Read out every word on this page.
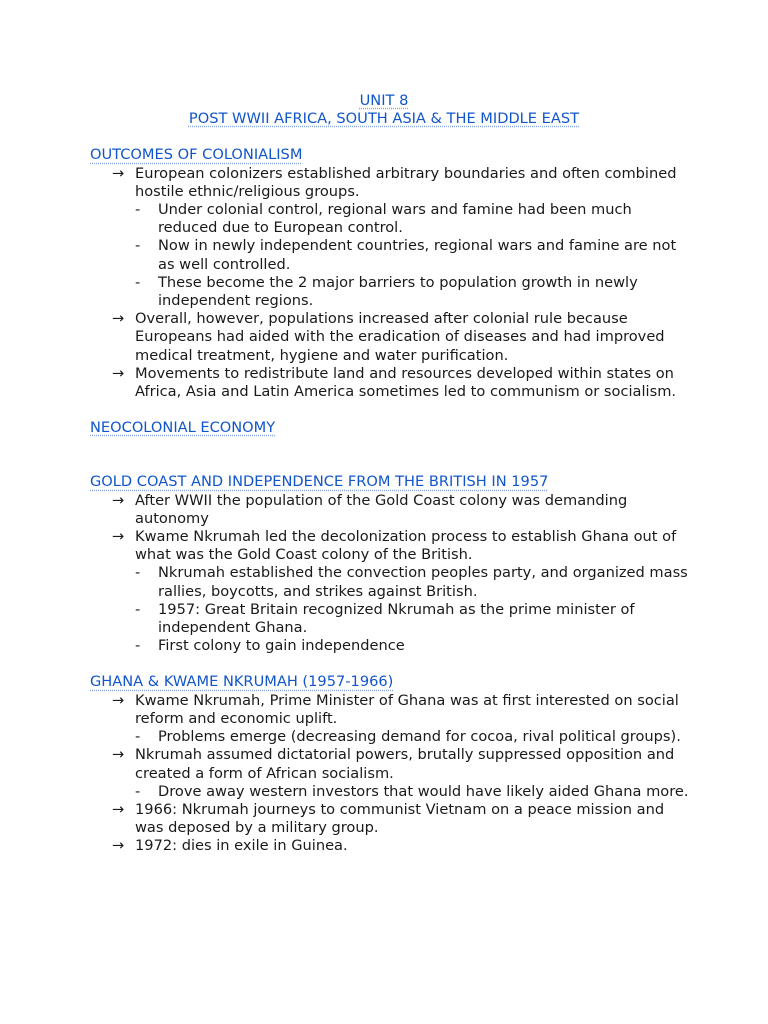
UNIT 8
POST WWII AFRICA, SOUTH ASIA & THE MIDDLE EAST
OUTCOMES OF COLONIALISM
→ European colonizers established arbitrary boundaries and often combined hostile ethnic/religious groups.
- Under colonial control, regional wars and famine had been much reduced due to European control.
- Now in newly independent countries, regional wars and famine are not as well controlled.
- These become the 2 major barriers to population growth in newly independent regions.
→ Overall, however, populations increased after colonial rule because Europeans had aided with the eradication of diseases and had improved medical treatment, hygiene and water purification.
→ Movements to redistribute land and resources developed within states on Africa, Asia and Latin America sometimes led to communism or socialism.
NEOCOLONIAL ECONOMY
GOLD COAST AND INDEPENDENCE FROM THE BRITISH IN 1957
→ After WWII the population of the Gold Coast colony was demanding autonomy
→ Kwame Nkrumah led the decolonization process to establish Ghana out of what was the Gold Coast colony of the British.
- Nkrumah established the convection peoples party, and organized mass rallies, boycotts, and strikes against British.
- 1957: Great Britain recognized Nkrumah as the prime minister of independent Ghana.
- First colony to gain independence
GHANA & KWAME NKRUMAH (1957-1966)
→ Kwame Nkrumah, Prime Minister of Ghana was at first interested on social reform and economic uplift.
- Problems emerge (decreasing demand for cocoa, rival political groups).
→ Nkrumah assumed dictatorial powers, brutally suppressed opposition and created a form of African socialism.
- Drove away western investors that would have likely aided Ghana more.
→ 1966: Nkrumah journeys to communist Vietnam on a peace mission and was deposed by a military group.
→ 1972: dies in exile in Guinea.
